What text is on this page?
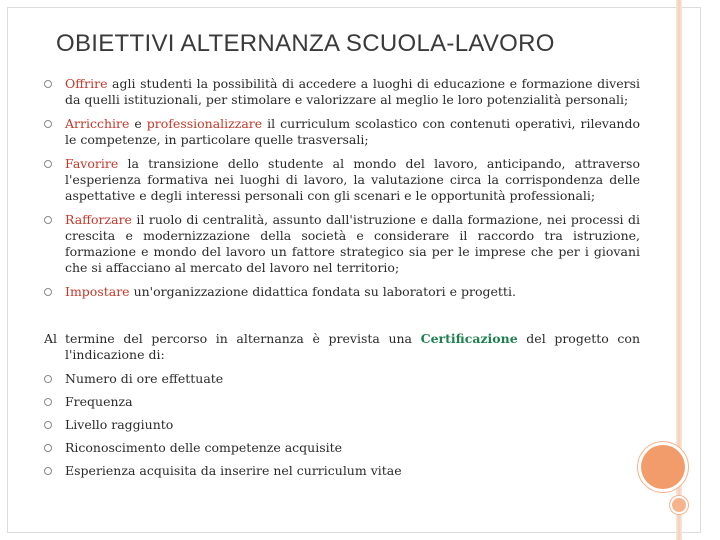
OBIETTIVI ALTERNANZA SCUOLA-LAVORO
Offrire agli studenti la possibilità di accedere a luoghi di educazione e formazione diversi da quelli istituzionali, per stimolare e valorizzare al meglio le loro potenzialità personali;
Arricchire e professionalizzare il curriculum scolastico con contenuti operativi, rilevando le competenze, in particolare quelle trasversali;
Favorire la transizione dello studente al mondo del lavoro, anticipando, attraverso l'esperienza formativa nei luoghi di lavoro, la valutazione circa la corrispondenza delle aspettative e degli interessi personali con gli scenari e le opportunità professionali;
Rafforzare il ruolo di centralità, assunto dall'istruzione e dalla formazione, nei processi di crescita e modernizzazione della società e considerare il raccordo tra istruzione, formazione e mondo del lavoro un fattore strategico sia per le imprese che per i giovani che si affacciano al mercato del lavoro nel territorio;
Impostare un'organizzazione didattica fondata su laboratori e progetti.

Al termine del percorso in alternanza è prevista una Certificazione del progetto con l'indicazione di:

Numero di ore effettuate
Frequenza
Livello raggiunto
Riconoscimento delle competenze acquisite
Esperienza acquisita da inserire nel curriculum vitae
